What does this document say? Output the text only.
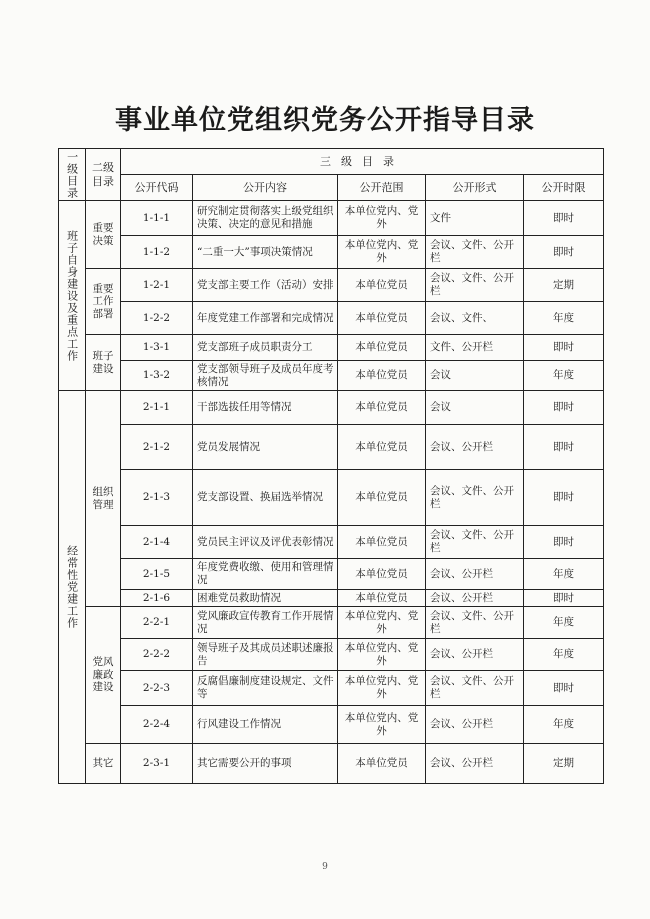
事业单位党组织党务公开指导目录
一级目录	二级目录	三级目录				
		公开代码	公开内容	公开范围	公开形式	公开时限

班子自身建设及重点工作	重要决策	1-1-1	研究制定贯彻落实上级党组织决策、决定的意见和措施	本单位党内、党外	文件	即时
		1-1-2	“二重一大”事项决策情况	本单位党内、党外	会议、文件、公开栏	即时
	重要工作部署	1-2-1	党支部主要工作（活动）安排	本单位党员	会议、文件、公开栏	定期
		1-2-2	年度党建工作部署和完成情况	本单位党员	会议、文件、	年度
	班子建设	1-3-1	党支部班子成员职责分工	本单位党员	文件、公开栏	即时
		1-3-2	党支部领导班子及成员年度考核情况	本单位党员	会议	年度

经常性党建工作	组织管理	2-1-1	干部选拔任用等情况	本单位党员	会议	即时
		2-1-2	党员发展情况	本单位党员	会议、公开栏	即时
		2-1-3	党支部设置、换届选举情况	本单位党员	会议、文件、公开栏	即时
		2-1-4	党员民主评议及评优表彰情况	本单位党员	会议、文件、公开栏	即时
		2-1-5	年度党费收缴、使用和管理情况	本单位党员	会议、公开栏	年度
		2-1-6	困难党员救助情况	本单位党员	会议、公开栏	即时
	党风廉政建设	2-2-1	党风廉政宣传教育工作开展情况	本单位党内、党外	会议、文件、公开栏	年度
		2-2-2	领导班子及其成员述职述廉报告	本单位党内、党外	会议、公开栏	年度
		2-2-3	反腐倡廉制度建设规定、文件等	本单位党内、党外	会议、文件、公开栏	即时
		2-2-4	行风建设工作情况	本单位党内、党外	会议、公开栏	年度
	其它	2-3-1	其它需要公开的事项	本单位党员	会议、公开栏	定期
9
